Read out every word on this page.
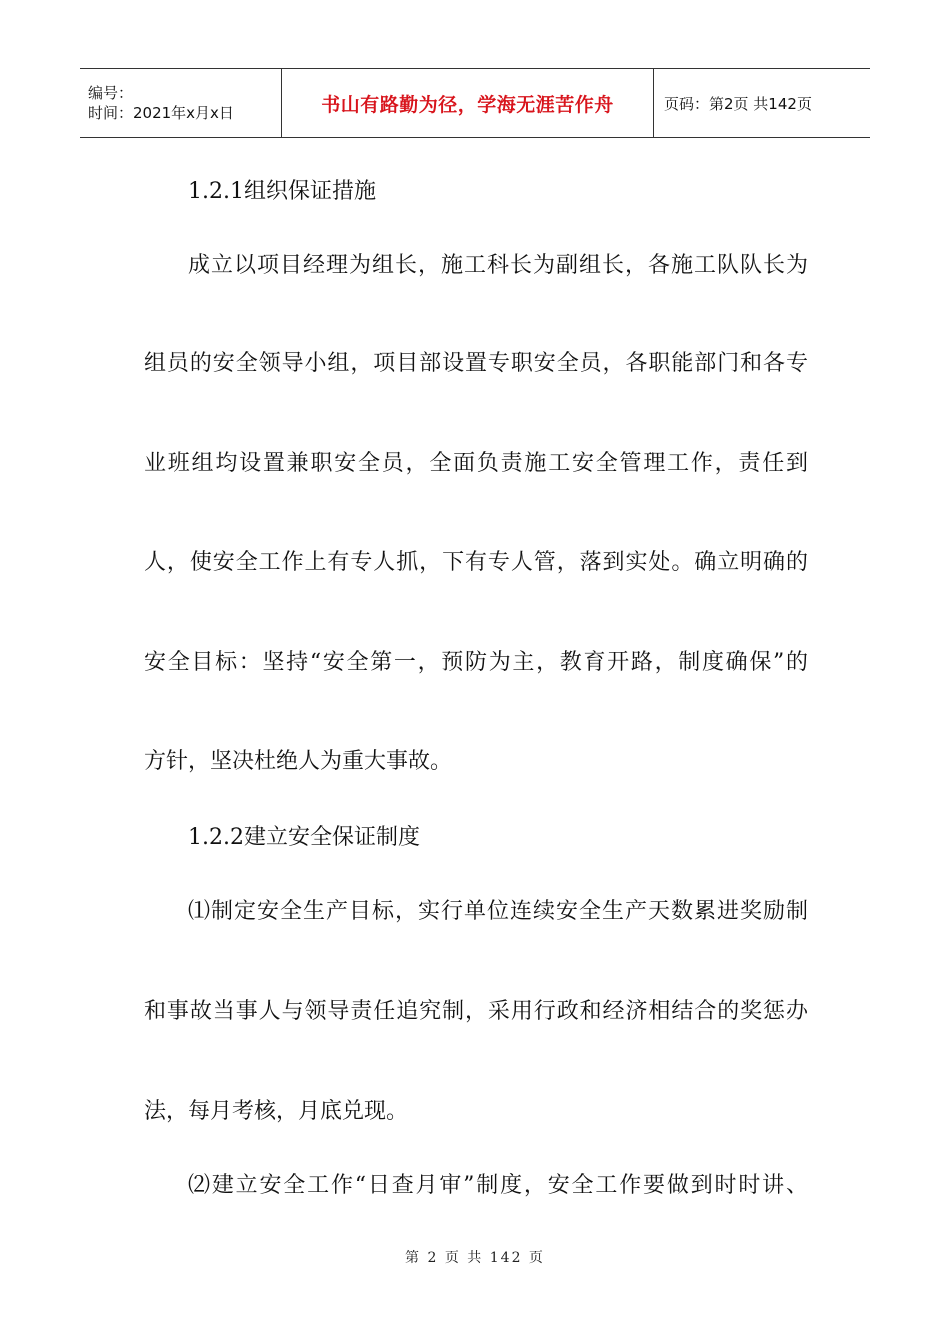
编号：
时间：2021年x月x日	书山有路勤为径，学海无涯苦作舟	页码：第2页 共142页
1.2.1组织保证措施
成立以项目经理为组长，施工科长为副组长，各施工队队长为
组员的安全领导小组，项目部设置专职安全员，各职能部门和各专
业班组均设置兼职安全员，全面负责施工安全管理工作，责任到
人，使安全工作上有专人抓，下有专人管，落到实处。确立明确的
安全目标：坚持“安全第一，预防为主，教育开路，制度确保”的
方针，坚决杜绝人为重大事故。
1.2.2建立安全保证制度
⑴制定安全生产目标，实行单位连续安全生产天数累进奖励制
和事故当事人与领导责任追究制，采用行政和经济相结合的奖惩办
法，每月考核，月底兑现。
⑵建立安全工作“日查月审”制度，安全工作要做到时时讲、
第 2 页 共 142 页
